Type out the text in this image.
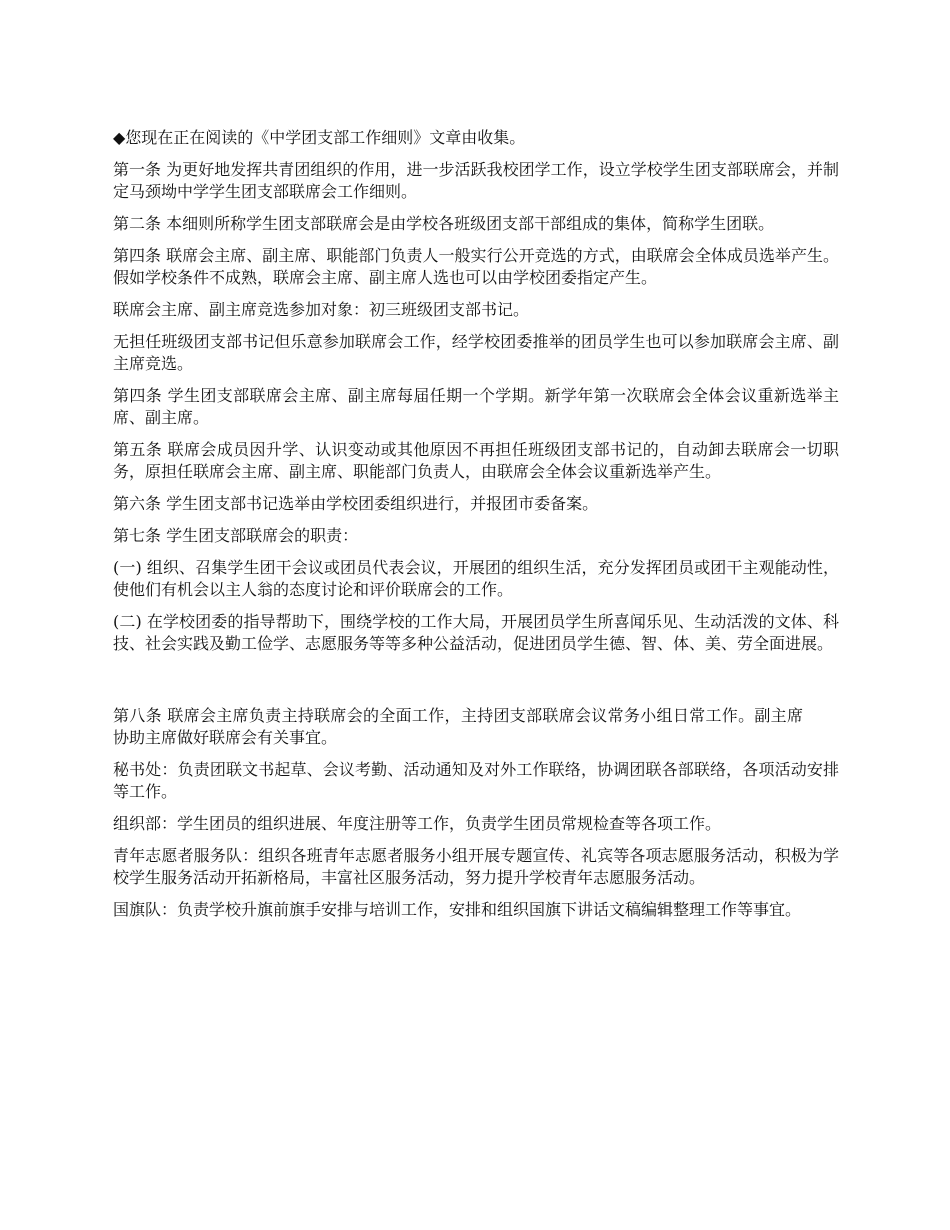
◆您现在正在阅读的《中学团支部工作细则》文章由收集。

第一条 为更好地发挥共青团组织的作用，进一步活跃我校团学工作，设立学校学生团支部联席会，并制定马颈坳中学学生团支部联席会工作细则。

第二条 本细则所称学生团支部联席会是由学校各班级团支部干部组成的集体，简称学生团联。

第四条 联席会主席、副主席、职能部门负责人一般实行公开竞选的方式，由联席会全体成员选举产生。假如学校条件不成熟，联席会主席、副主席人选也可以由学校团委指定产生。

联席会主席、副主席竞选参加对象：初三班级团支部书记。

无担任班级团支部书记但乐意参加联席会工作，经学校团委推举的团员学生也可以参加联席会主席、副主席竞选。

第四条 学生团支部联席会主席、副主席每届任期一个学期。新学年第一次联席会全体会议重新选举主席、副主席。

第五条 联席会成员因升学、认识变动或其他原因不再担任班级团支部书记的，自动卸去联席会一切职务，原担任联席会主席、副主席、职能部门负责人，由联席会全体会议重新选举产生。

第六条 学生团支部书记选举由学校团委组织进行，并报团市委备案。

第七条 学生团支部联席会的职责：

(一) 组织、召集学生团干会议或团员代表会议，开展团的组织生活，充分发挥团员或团干主观能动性，使他们有机会以主人翁的态度讨论和评价联席会的工作。

(二) 在学校团委的指导帮助下，围绕学校的工作大局，开展团员学生所喜闻乐见、生动活泼的文体、科技、社会实践及勤工俭学、志愿服务等等多种公益活动，促进团员学生德、智、体、美、劳全面进展。

第八条 联席会主席负责主持联席会的全面工作，主持团支部联席会议常务小组日常工作。副主席协助主席做好联席会有关事宜。

秘书处：负责团联文书起草、会议考勤、活动通知及对外工作联络，协调团联各部联络，各项活动安排等工作。

组织部：学生团员的组织进展、年度注册等工作，负责学生团员常规检查等各项工作。

青年志愿者服务队：组织各班青年志愿者服务小组开展专题宣传、礼宾等各项志愿服务活动，积极为学校学生服务活动开拓新格局，丰富社区服务活动，努力提升学校青年志愿服务活动。

国旗队：负责学校升旗前旗手安排与培训工作，安排和组织国旗下讲话文稿编辑整理工作等事宜。
